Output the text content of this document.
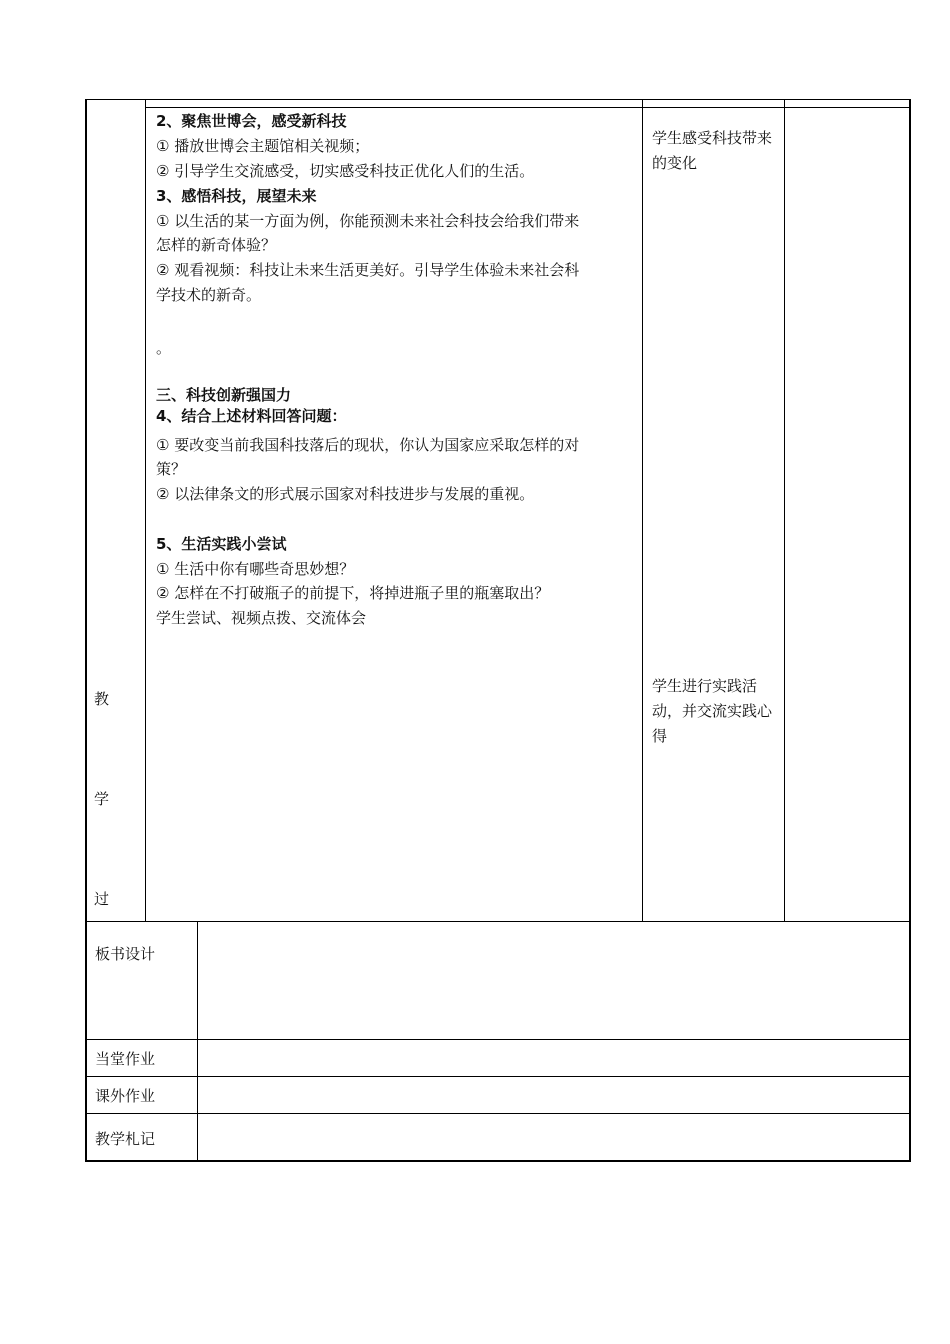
教
学
过
2、聚焦世博会，感受新科技
① 播放世博会主题馆相关视频；
② 引导学生交流感受，切实感受科技正优化人们的生活。
3、感悟科技，展望未来
① 以生活的某一方面为例，你能预测未来社会科技会给我们带来
怎样的新奇体验？
② 观看视频：科技让未来生活更美好。引导学生体验未来社会科
学技术的新奇。
。
三、科技创新强国力
4、结合上述材料回答问题：
① 要改变当前我国科技落后的现状，你认为国家应采取怎样的对
策？
② 以法律条文的形式展示国家对科技进步与发展的重视。
5、生活实践小尝试
① 生活中你有哪些奇思妙想？
② 怎样在不打破瓶子的前提下，将掉进瓶子里的瓶塞取出？
学生尝试、视频点拨、交流体会
学生感受科技带来的变化
学生进行实践活动，并交流实践心得
板书设计
当堂作业
课外作业
教学札记
